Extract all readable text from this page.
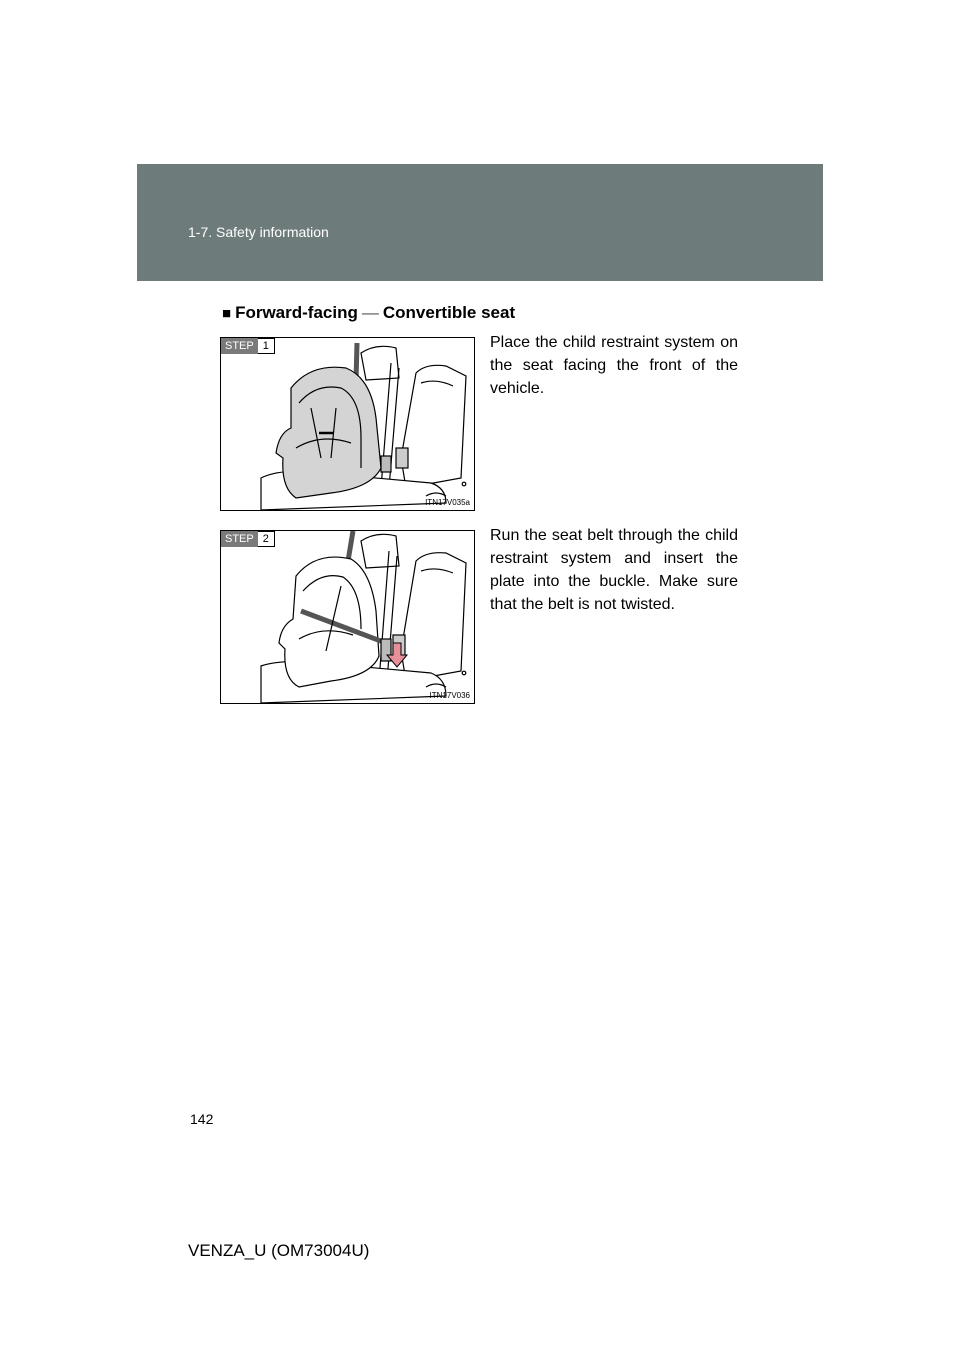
1-7. Safety information
■ Forward-facing — Convertible seat
STEP 1
ITN17V035a
Place the child restraint system on the seat facing the front of the vehicle.
STEP 2
ITN17V036
Run the seat belt through the child restraint system and insert the plate into the buckle. Make sure that the belt is not twisted.
142
VENZA_U (OM73004U)
